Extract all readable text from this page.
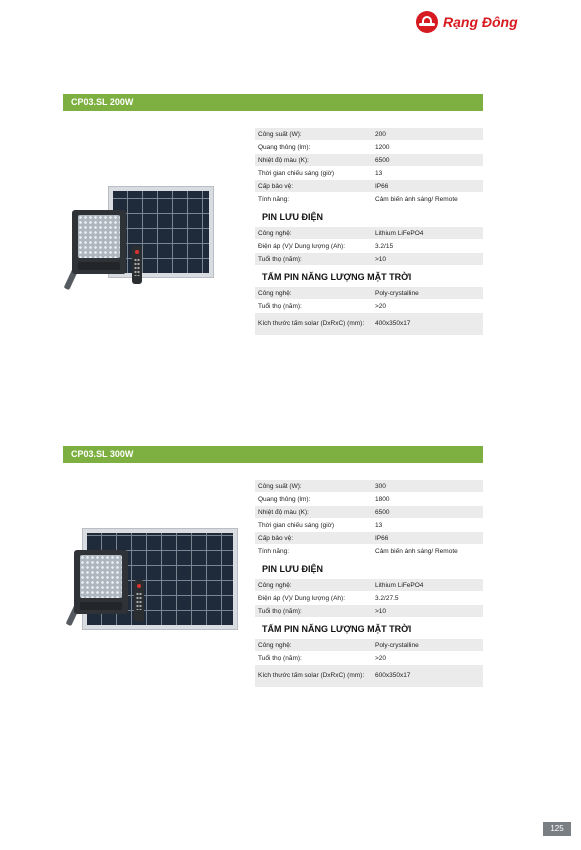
Rạng Đông
CP03.SL 200W
Công suất (W):	200
Quang thông (lm):	1200
Nhiệt độ màu (K):	6500
Thời gian chiếu sáng (giờ)	13
Cấp bảo vệ:	IP66
Tính năng:	Cảm biến ánh sáng/ Remote
PIN LƯU ĐIỆN
Công nghệ:	Lithium LiFePO4
Điện áp (V)/ Dung lượng (Ah):	3.2/15
Tuổi thọ (năm):	>10
TẤM PIN NĂNG LƯỢNG MẶT TRỜI
Công nghệ:	Poly-crystalline
Tuổi thọ (năm):	>20
Kích thước tấm solar (DxRxC) (mm):	400x350x17
CP03.SL 300W
Công suất (W):	300
Quang thông (lm):	1800
Nhiệt độ màu (K):	6500
Thời gian chiếu sáng (giờ)	13
Cấp bảo vệ:	IP66
Tính năng:	Cảm biến ánh sáng/ Remote
PIN LƯU ĐIỆN
Công nghệ:	Lithium LiFePO4
Điện áp (V)/ Dung lượng (Ah):	3.2/27.5
Tuổi thọ (năm):	>10
TẤM PIN NĂNG LƯỢNG MẶT TRỜI
Công nghệ:	Poly-crystalline
Tuổi thọ (năm):	>20
Kích thước tấm solar (DxRxC) (mm):	600x350x17
125
